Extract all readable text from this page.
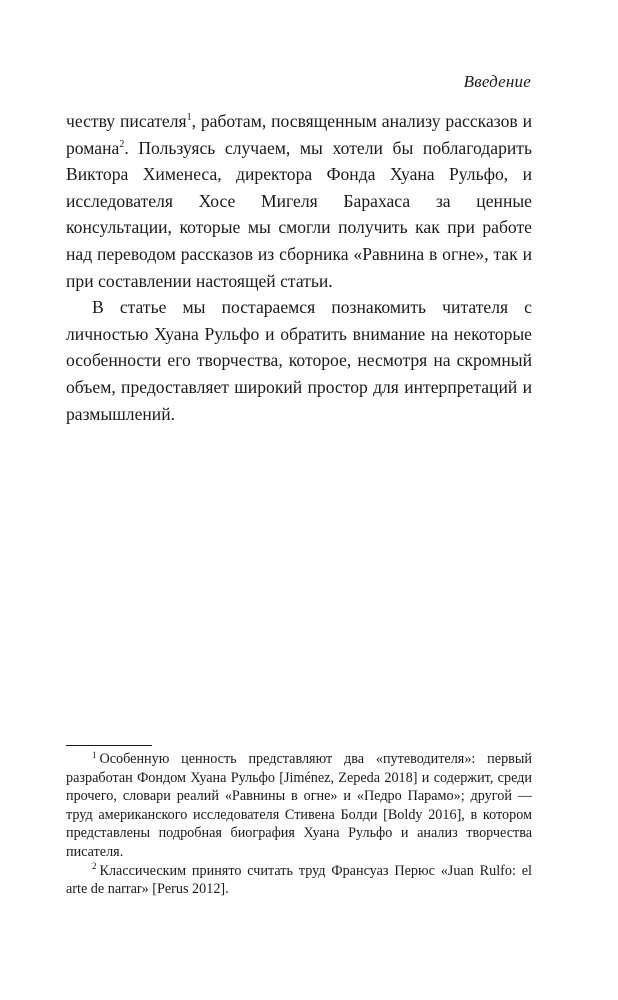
Введение

честву писателя$^1$, работам, посвященным анализу рассказов и романа$^2$. Пользуясь случаем, мы хотели бы поблагодарить Виктора Хименеса, директора Фонда Хуана Рульфо, и исследователя Хосе Мигеля Барахаса за ценные консультации, которые мы смогли получить как при работе над переводом рассказов из сборника «Равнина в огне», так и при составлении настоящей статьи.

В статье мы постараемся познакомить читателя с личностью Хуана Рульфо и обратить внимание на некоторые особенности его творчества, которое, несмотря на скромный объем, предоставляет широкий простор для интерпретаций и размышлений.

$^1$ Особенную ценность представляют два «путеводителя»: первый разработан Фондом Хуана Рульфо [Jiménez, Zepeda 2018] и содержит, среди прочего, словари реалий «Равнины в огне» и «Педро Парамо»; другой — труд американского исследователя Стивена Болди [Boldy 2016], в котором представлены подробная биография Хуана Рульфо и анализ творчества писателя.

$^2$ Классическим принято считать труд Франсуаз Перюс «Juan Rulfo: el arte de narrar» [Perus 2012].
